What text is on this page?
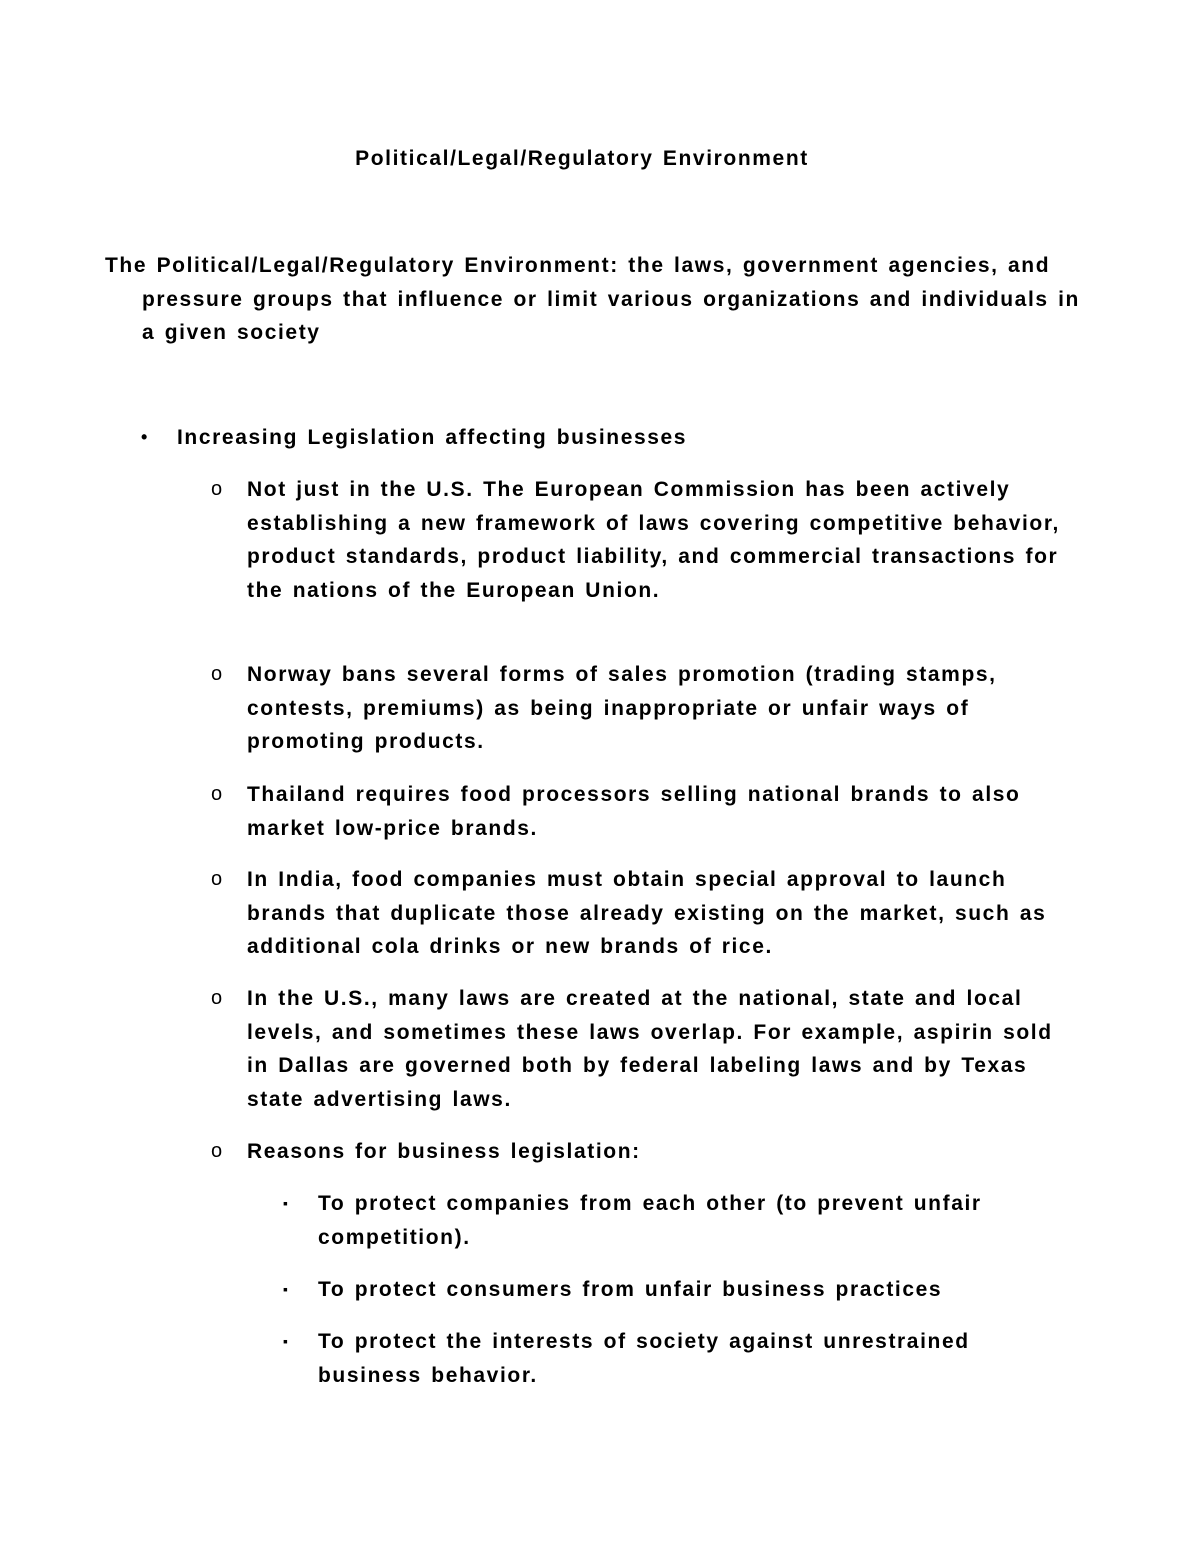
Political/Legal/Regulatory Environment

The Political/Legal/Regulatory Environment: the laws, government agencies, and pressure groups that influence or limit various organizations and individuals in a given society

• Increasing Legislation affecting businesses
o Not just in the U.S. The European Commission has been actively establishing a new framework of laws covering competitive behavior, product standards, product liability, and commercial transactions for the nations of the European Union.
o Norway bans several forms of sales promotion (trading stamps, contests, premiums) as being inappropriate or unfair ways of promoting products.
o Thailand requires food processors selling national brands to also market low-price brands.
o In India, food companies must obtain special approval to launch brands that duplicate those already existing on the market, such as additional cola drinks or new brands of rice.
o In the U.S., many laws are created at the national, state and local levels, and sometimes these laws overlap. For example, aspirin sold in Dallas are governed both by federal labeling laws and by Texas state advertising laws.
o Reasons for business legislation:
▪ To protect companies from each other (to prevent unfair competition).
▪ To protect consumers from unfair business practices
▪ To protect the interests of society against unrestrained business behavior.
